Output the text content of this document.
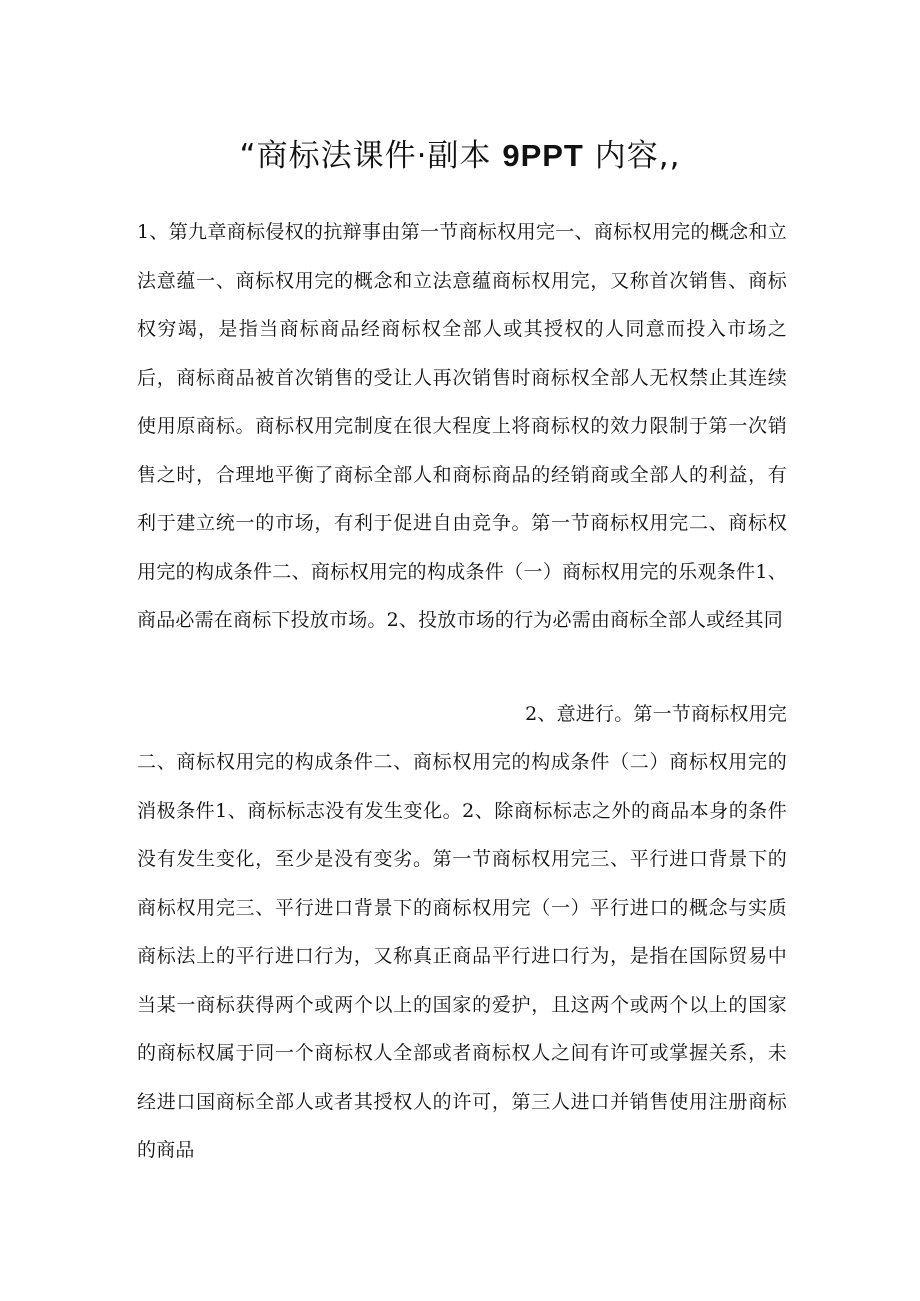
“商标法课件·副本 9PPT 内容,,

1、第九章商标侵权的抗辩事由第一节商标权用完一、商标权用完的概念和立法意蕴一、商标权用完的概念和立法意蕴商标权用完，又称首次销售、商标权穷竭，是指当商标商品经商标权全部人或其授权的人同意而投入市场之后，商标商品被首次销售的受让人再次销售时商标权全部人无权禁止其连续使用原商标。商标权用完制度在很大程度上将商标权的效力限制于第一次销售之时，合理地平衡了商标全部人和商标商品的经销商或全部人的利益，有利于建立统一的市场，有利于促进自由竞争。第一节商标权用完二、商标权用完的构成条件二、商标权用完的构成条件（一）商标权用完的乐观条件1、商品必需在商标下投放市场。2、投放市场的行为必需由商标全部人或经其同

2、意进行。第一节商标权用完

二、商标权用完的构成条件二、商标权用完的构成条件（二）商标权用完的消极条件1、商标标志没有发生变化。2、除商标标志之外的商品本身的条件没有发生变化，至少是没有变劣。第一节商标权用完三、平行进口背景下的商标权用完三、平行进口背景下的商标权用完（一）平行进口的概念与实质商标法上的平行进口行为，又称真正商品平行进口行为，是指在国际贸易中当某一商标获得两个或两个以上的国家的爱护，且这两个或两个以上的国家的商标权属于同一个商标权人全部或者商标权人之间有许可或掌握关系，未经进口国商标全部人或者其授权人的许可，第三人进口并销售使用注册商标的商品
